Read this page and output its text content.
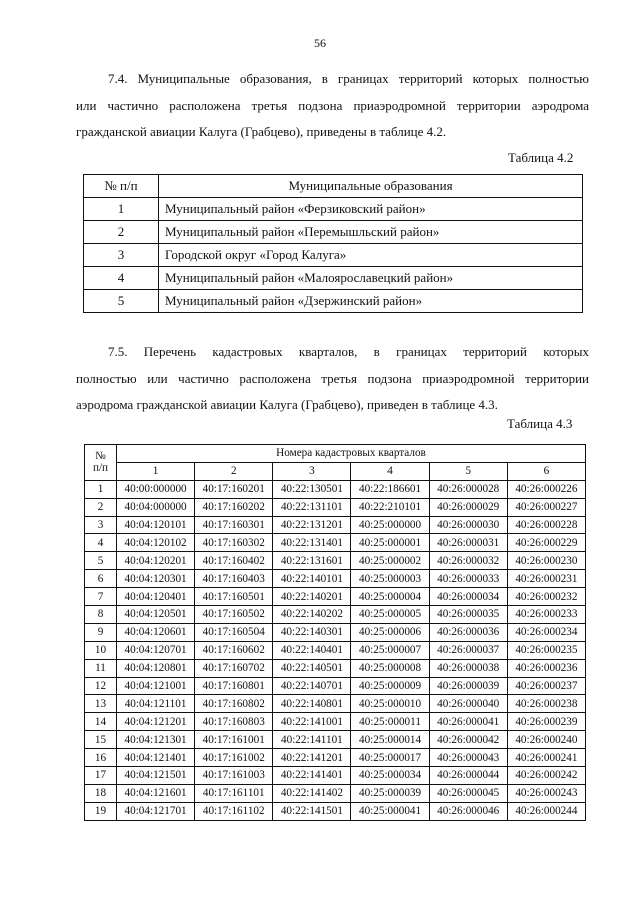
56
7.4. Муниципальные образования, в границах территорий которых полностью
или частично расположена третья подзона приаэродромной территории аэродрома
гражданской авиации Калуга (Грабцево), приведены в таблице 4.2.
Таблица 4.2
№ п/п	Муниципальные образования
1	Муниципальный район «Ферзиковский район»
2	Муниципальный район «Перемышльский район»
3	Городской округ «Город Калуга»
4	Муниципальный район «Малоярославецкий район»
5	Муниципальный район «Дзержинский район»
7.5. Перечень кадастровых кварталов, в границах территорий которых
полностью или частично расположена третья подзона приаэродромной территории
аэродрома гражданской авиации Калуга (Грабцево), приведен в таблице 4.3.
Таблица 4.3
№
п/п	Номера кадастровых кварталов					
	1	2	3	4	5	6
1	40:00:000000	40:17:160201	40:22:130501	40:22:186601	40:26:000028	40:26:000226
2	40:04:000000	40:17:160202	40:22:131101	40:22:210101	40:26:000029	40:26:000227
3	40:04:120101	40:17:160301	40:22:131201	40:25:000000	40:26:000030	40:26:000228
4	40:04:120102	40:17:160302	40:22:131401	40:25:000001	40:26:000031	40:26:000229
5	40:04:120201	40:17:160402	40:22:131601	40:25:000002	40:26:000032	40:26:000230
6	40:04:120301	40:17:160403	40:22:140101	40:25:000003	40:26:000033	40:26:000231
7	40:04:120401	40:17:160501	40:22:140201	40:25:000004	40:26:000034	40:26:000232
8	40:04:120501	40:17:160502	40:22:140202	40:25:000005	40:26:000035	40:26:000233
9	40:04:120601	40:17:160504	40:22:140301	40:25:000006	40:26:000036	40:26:000234
10	40:04:120701	40:17:160602	40:22:140401	40:25:000007	40:26:000037	40:26:000235
11	40:04:120801	40:17:160702	40:22:140501	40:25:000008	40:26:000038	40:26:000236
12	40:04:121001	40:17:160801	40:22:140701	40:25:000009	40:26:000039	40:26:000237
13	40:04:121101	40:17:160802	40:22:140801	40:25:000010	40:26:000040	40:26:000238
14	40:04:121201	40:17:160803	40:22:141001	40:25:000011	40:26:000041	40:26:000239
15	40:04:121301	40:17:161001	40:22:141101	40:25:000014	40:26:000042	40:26:000240
16	40:04:121401	40:17:161002	40:22:141201	40:25:000017	40:26:000043	40:26:000241
17	40:04:121501	40:17:161003	40:22:141401	40:25:000034	40:26:000044	40:26:000242
18	40:04:121601	40:17:161101	40:22:141402	40:25:000039	40:26:000045	40:26:000243
19	40:04:121701	40:17:161102	40:22:141501	40:25:000041	40:26:000046	40:26:000244
